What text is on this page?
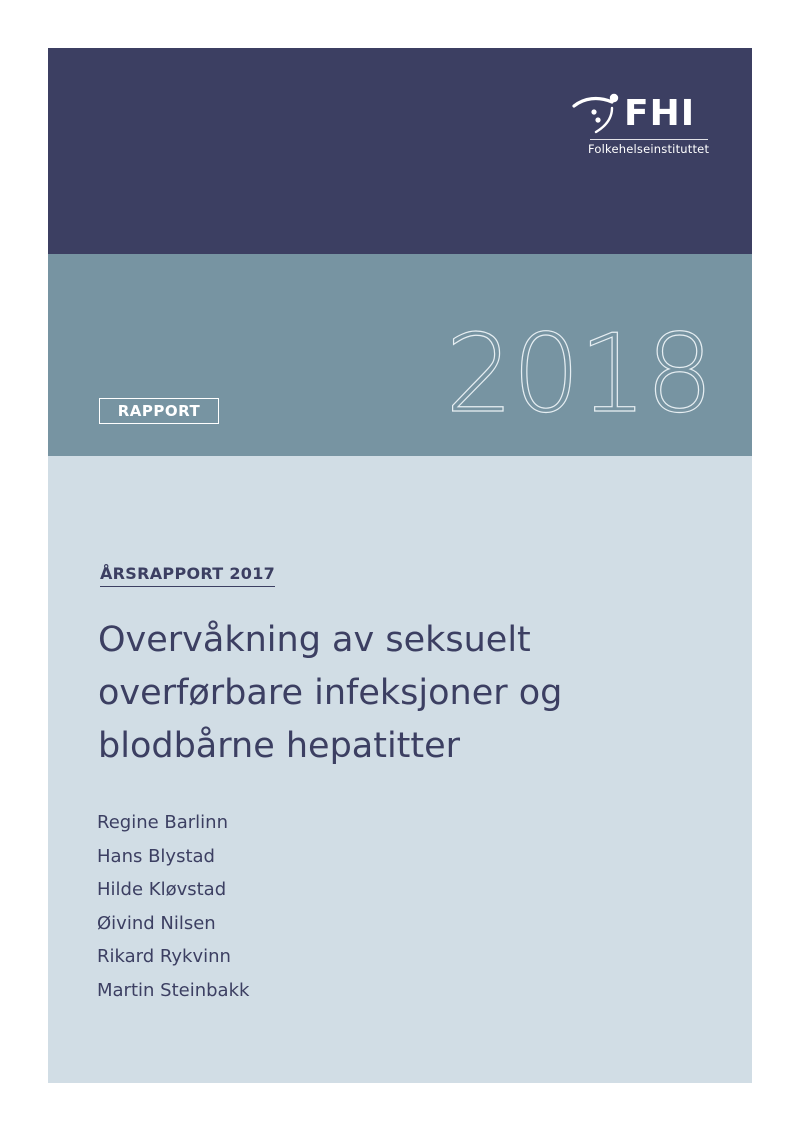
FHI
Folkehelseinstituttet
RAPPORT 2018
ÅRSRAPPORT 2017
Overvåkning av seksuelt
overførbare infeksjoner og
blodbårne hepatitter
Regine Barlinn
Hans Blystad
Hilde Kløvstad
Øivind Nilsen
Rikard Rykvinn
Martin Steinbakk
